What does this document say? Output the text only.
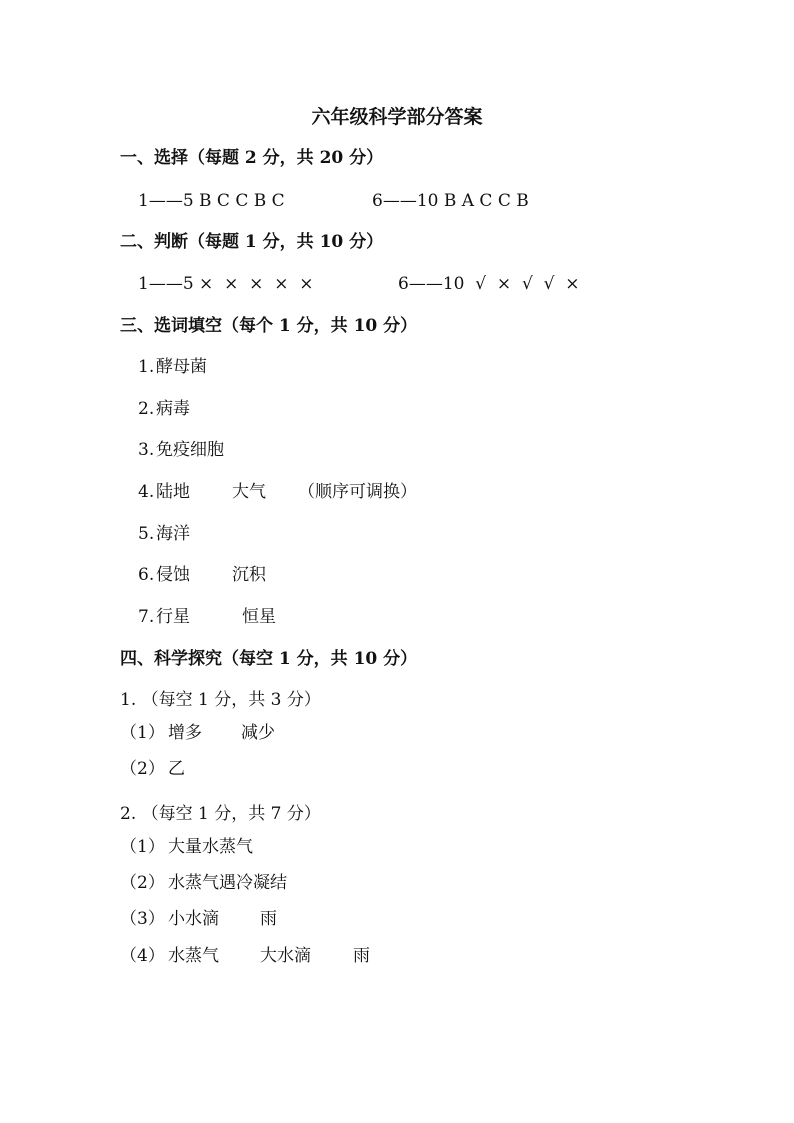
六年级科学部分答案
一、选择（每题 2 分，共 20 分）
1——5 B C C B C	6——10 B A C C B
二、判断（每题 1 分，共 10 分）
1——5 ×  ×  ×  ×  ×	6——10  √  ×  √  √  ×
三、选词填空（每个 1 分，共 10 分）
1. 酵母菌
2. 病毒
3. 免疫细胞
4. 陆地 大气 （顺序可调换）
5. 海洋
6. 侵蚀 沉积
7. 行星	恒星
四、科学探究（每空 1 分，共 10 分）
1. （每空 1 分，共 3 分）
（1） 增多 减少
（2） 乙
2. （每空 1 分，共 7 分）
（1） 大量水蒸气
（2） 水蒸气遇冷凝结
（3） 小水滴 雨
（4） 水蒸气 大水滴 雨
